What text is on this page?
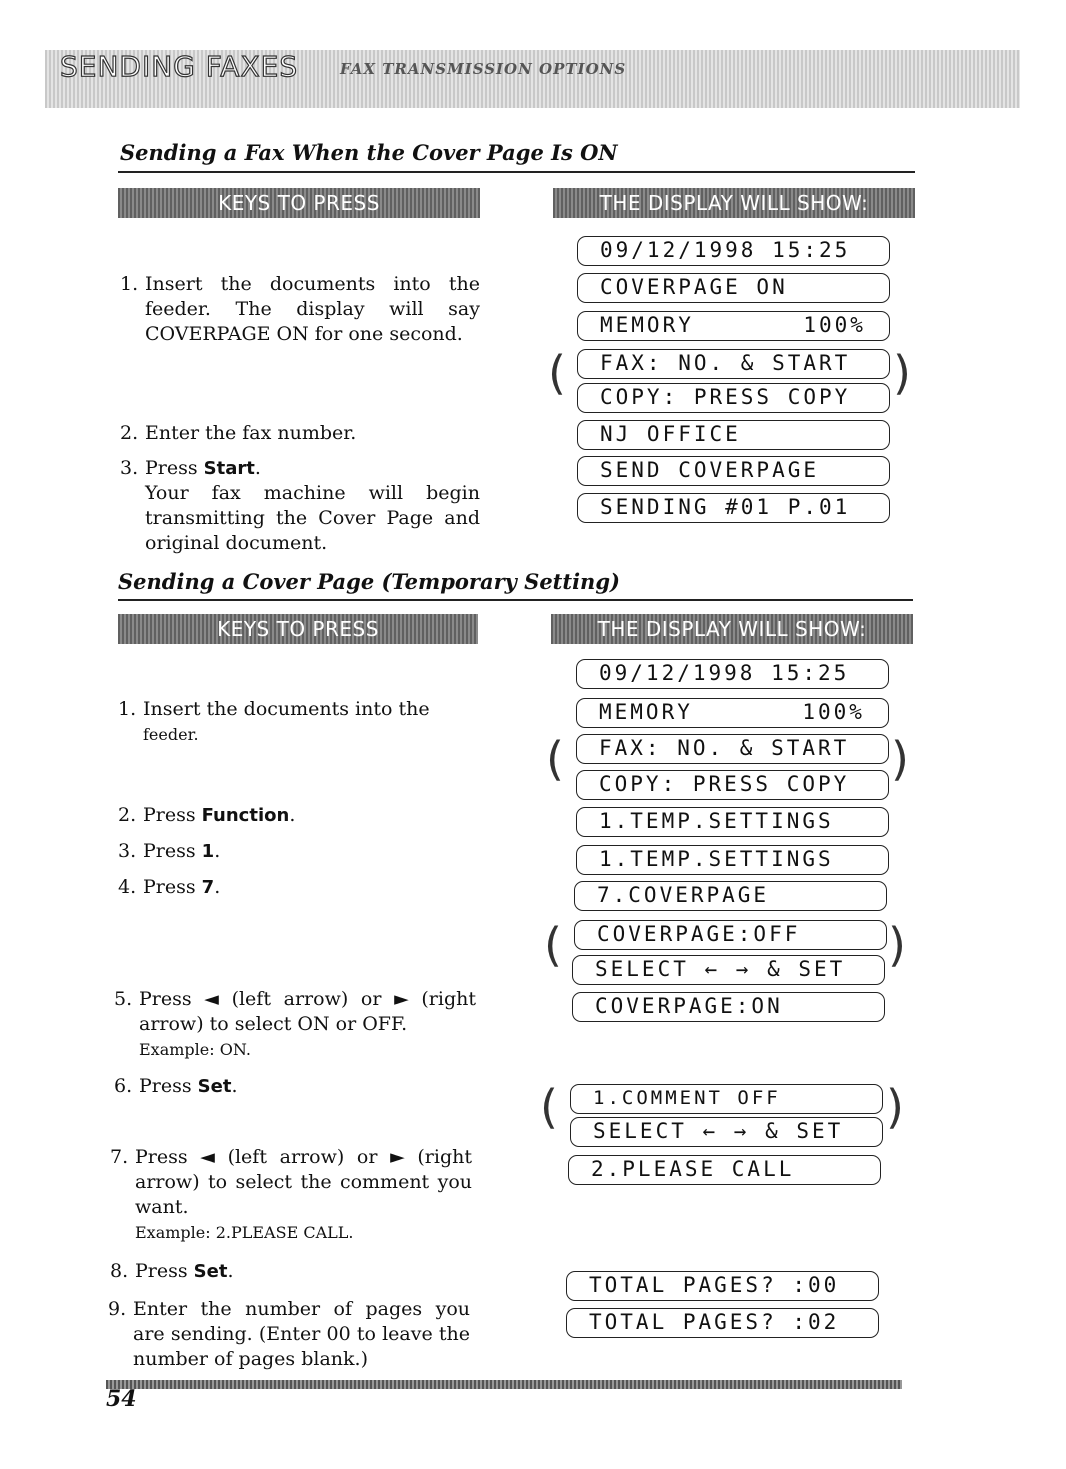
SENDING FAXES	FAX TRANSMISSION OPTIONS
Sending a Fax When the Cover Page Is ON
KEYS TO PRESS	THE DISPLAY WILL SHOW:
1. Insert the documents into the feeder. The display will say COVERPAGE ON for one second.
2. Enter the fax number.
3. Press Start.
Your fax machine will begin transmitting the Cover Page and original document.
09/12/1998 15:25
COVERPAGE ON
MEMORY       100%
FAX: NO. & START
COPY: PRESS COPY
(	)
NJ OFFICE
SEND COVERPAGE
SENDING #01 P.01
Sending a Cover Page (Temporary Setting)
KEYS TO PRESS	THE DISPLAY WILL SHOW:
1. Insert the documents into the
feeder.
2. Press Function.
3. Press 1.
4. Press 7.
5. Press ◄ (left arrow) or ► (right arrow) to select ON or OFF.
Example: ON.
6. Press Set.
7. Press ◄ (left arrow) or ► (right arrow) to select the comment you want.
Example: 2.PLEASE CALL.
8. Press Set.
9. Enter the number of pages you are sending. (Enter 00 to leave the number of pages blank.)
09/12/1998 15:25
MEMORY       100%
FAX: NO. & START
COPY: PRESS COPY
(	)
1.TEMP.SETTINGS
1.TEMP.SETTINGS
7.COVERPAGE
COVERPAGE:OFF
SELECT ← → & SET
(	)
COVERPAGE:ON
1.COMMENT OFF
SELECT ← → & SET
(	)
2.PLEASE CALL
TOTAL PAGES? :00
TOTAL PAGES? :02
54
